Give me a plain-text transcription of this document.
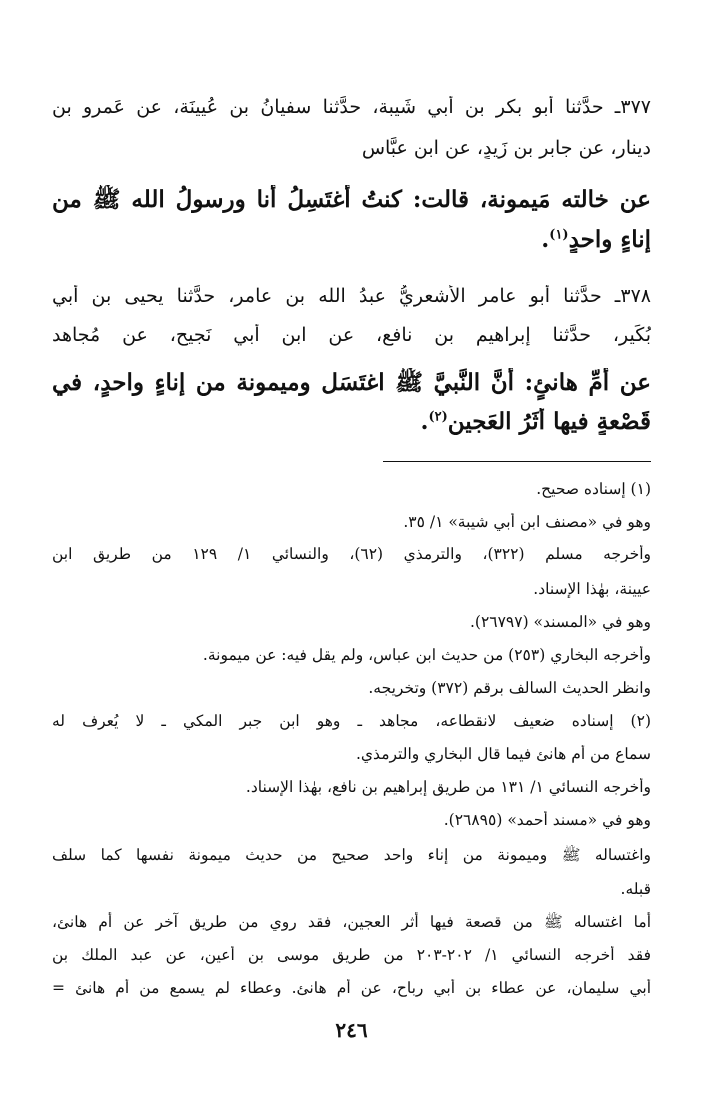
٣٧٧ـ حدَّثنا أبو بكر بن أبي شَيبة، حدَّثنا سفيانُ بن عُيينَة، عن عَمرو بن
دينار، عن جابر بن زَيدٍ، عن ابن عبَّاسٍ
عن خالته مَيمونة، قالت: كنتُ أغتَسِلُ أنا ورسولُ الله ﷺ من
إناءٍ واحدٍ$^{(١)}$.
٣٧٨ـ حدَّثنا أبو عامر الأشعريُّ عبدُ الله بن عامر، حدَّثنا يحيى بن أبي
بُكَير، حدَّثنا إبراهيم بن نافع، عن ابن أبي نَجيحٍ، عن مُجاهد
عن أمِّ هانئٍ: أنَّ النَّبيَّ ﷺ اغتَسَل وميمونة من إناءٍ واحدٍ، في
قَصْعةٍ فيها أثَرُ العَجين$^{(٢)}$.
(١) إسناده صحيح.
وهو في «مصنف ابن أبي شيبة» ١/ ٣٥.
وأخرجه مسلم (٣٢٢)، والترمذي (٦٢)، والنسائي ١/ ١٢٩ من طريق ابن
عيينة، بهٰذا الإسناد.
وهو في «المسند» (٢٦٧٩٧).
وأخرجه البخاري (٢٥٣) من حديث ابن عباس، ولم يقل فيه: عن ميمونة.
وانظر الحديث السالف برقم (٣٧٢) وتخريجه.
(٢) إسناده ضعيف لانقطاعه، مجاهد ـ وهو ابن جبر المكي ـ لا يُعرف له
سماع من أم هانئ فيما قال البخاري والترمذي.
وأخرجه النسائي ١/ ١٣١ من طريق إبراهيم بن نافع، بهٰذا الإسناد.
وهو في «مسند أحمد» (٢٦٨٩٥).
واغتساله ﷺ وميمونة من إناء واحد صحيح من حديث ميمونة نفسها كما سلف
قبله.
أما اغتساله ﷺ من قصعة فيها أثر العجين، فقد روي من طريق آخر عن أم هانئ،
فقد أخرجه النسائي ١/ ٢٠٢-٢٠٣ من طريق موسى بن أعين، عن عبد الملك بن
أبي سليمان، عن عطاء بن أبي رباح، عن أم هانئ. وعطاء لم يسمع من أم هانئ =
٢٤٦
